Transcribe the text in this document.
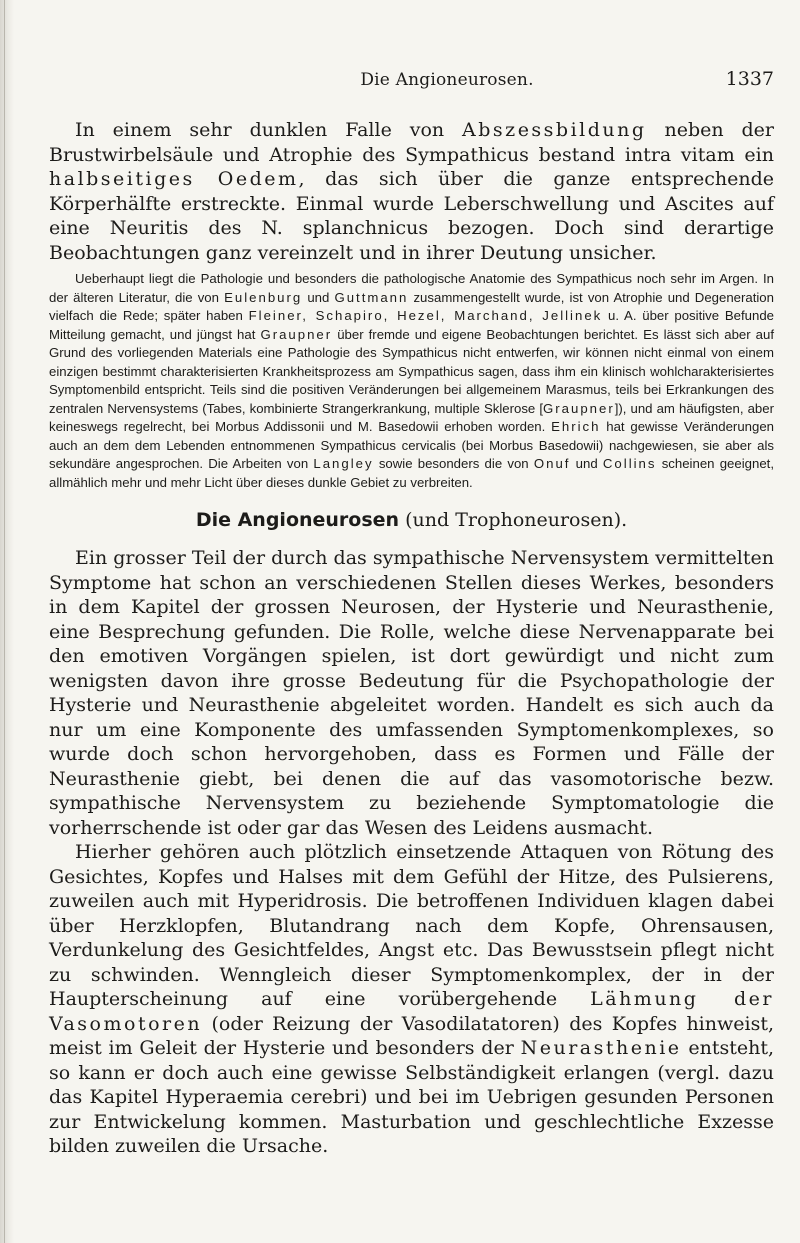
Die Angioneurosen.	1337

In einem sehr dunklen Falle von Abszessbildung neben der Brustwirbelsäule und Atrophie des Sympathicus bestand intra vitam ein halbseitiges Oedem, das sich über die ganze entsprechende Körperhälfte erstreckte. Einmal wurde Leberschwellung und Ascites auf eine Neuritis des N. splanchnicus bezogen. Doch sind derartige Beobachtungen ganz vereinzelt und in ihrer Deutung unsicher.

Ueberhaupt liegt die Pathologie und besonders die pathologische Anatomie des Sympathicus noch sehr im Argen. In der älteren Literatur, die von Eulenburg und Guttmann zusammengestellt wurde, ist von Atrophie und Degeneration vielfach die Rede; später haben Fleiner, Schapiro, Hezel, Marchand, Jellinek u. A. über positive Befunde Mitteilung gemacht, und jüngst hat Graupner über fremde und eigene Beobachtungen berichtet. Es lässt sich aber auf Grund des vorliegenden Materials eine Pathologie des Sympathicus nicht entwerfen, wir können nicht einmal von einem einzigen bestimmt charakterisierten Krankheitsprozess am Sympathicus sagen, dass ihm ein klinisch wohlcharakterisiertes Symptomenbild entspricht. Teils sind die positiven Veränderungen bei allgemeinem Marasmus, teils bei Erkrankungen des zentralen Nervensystems (Tabes, kombinierte Strangerkrankung, multiple Sklerose [Graupner]), und am häufigsten, aber keineswegs regelrecht, bei Morbus Addissonii und M. Basedowii erhoben worden. Ehrich hat gewisse Veränderungen auch an dem dem Lebenden entnommenen Sympathicus cervicalis (bei Morbus Basedowii) nachgewiesen, sie aber als sekundäre angesprochen. Die Arbeiten von Langley sowie besonders die von Onuf und Collins scheinen geeignet, allmählich mehr und mehr Licht über dieses dunkle Gebiet zu verbreiten.

Die Angioneurosen (und Trophoneurosen).

Ein grosser Teil der durch das sympathische Nervensystem vermittelten Symptome hat schon an verschiedenen Stellen dieses Werkes, besonders in dem Kapitel der grossen Neurosen, der Hysterie und Neurasthenie, eine Besprechung gefunden. Die Rolle, welche diese Nervenapparate bei den emotiven Vorgängen spielen, ist dort gewürdigt und nicht zum wenigsten davon ihre grosse Bedeutung für die Psychopathologie der Hysterie und Neurasthenie abgeleitet worden. Handelt es sich auch da nur um eine Komponente des umfassenden Symptomenkomplexes, so wurde doch schon hervorgehoben, dass es Formen und Fälle der Neurasthenie giebt, bei denen die auf das vasomotorische bezw. sympathische Nervensystem zu beziehende Symptomatologie die vorherrschende ist oder gar das Wesen des Leidens ausmacht.

Hierher gehören auch plötzlich einsetzende Attaquen von Rötung des Gesichtes, Kopfes und Halses mit dem Gefühl der Hitze, des Pulsierens, zuweilen auch mit Hyperidrosis. Die betroffenen Individuen klagen dabei über Herzklopfen, Blutandrang nach dem Kopfe, Ohrensausen, Verdunkelung des Gesichtfeldes, Angst etc. Das Bewusstsein pflegt nicht zu schwinden. Wenngleich dieser Symptomenkomplex, der in der Haupterscheinung auf eine vorübergehende Lähmung der Vasomotoren (oder Reizung der Vasodilatatoren) des Kopfes hinweist, meist im Geleit der Hysterie und besonders der Neurasthenie entsteht, so kann er doch auch eine gewisse Selbständigkeit erlangen (vergl. dazu das Kapitel Hyperaemia cerebri) und bei im Uebrigen gesunden Personen zur Entwickelung kommen. Masturbation und geschlechtliche Exzesse bilden zuweilen die Ursache.
